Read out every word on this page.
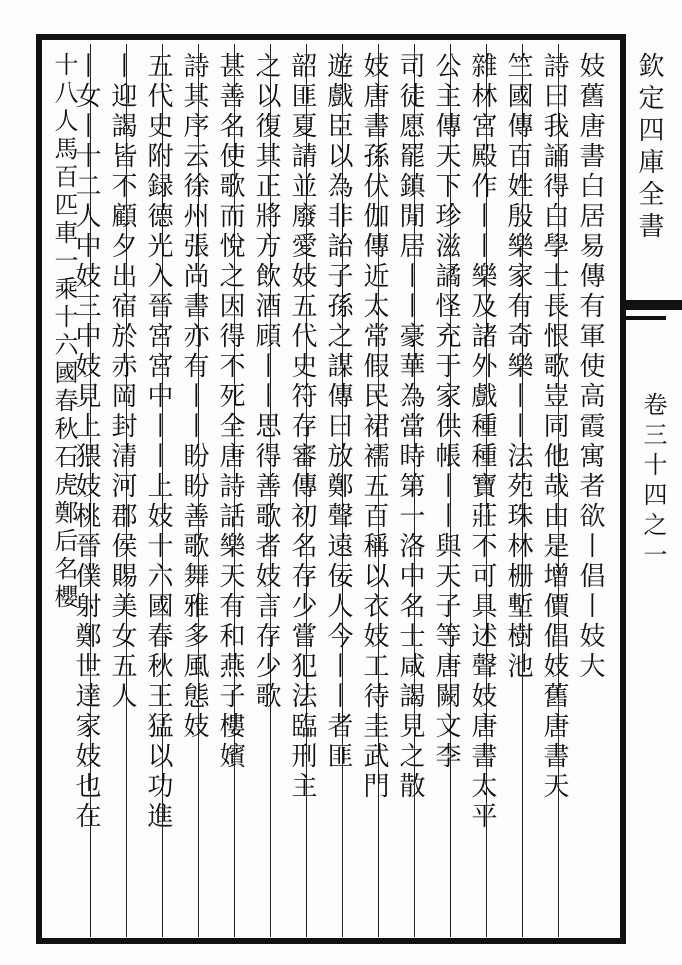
欽定四庫全書
卷三十四之一
妓舊唐書白居易傳有軍使高霞寓者欲丨倡丨妓大
詩曰我誦得白學士長恨歌豈同他哉由是增價倡妓舊唐書天
竺國傳百姓殷樂家有奇樂丨丨法苑珠林栅塹樹池
雜林宮殿作丨丨樂及諸外戲種種寶莊不可具述聲妓唐書太平
公主傳天下珍滋譎怪充于家供帳丨丨與天子等唐闕文李
司徒愿罷鎮閒居丨丨豪華為當時第一洛中名士咸謁見之散
妓唐書孫伏伽傳近太常假民裙襦五百稱以衣妓工待圭武門
遊戲臣以為非詒子孫之謀傳曰放鄭聲遠佞人今丨丨者匪
韶匪夏請並廢愛妓五代史符存審傳初名存少嘗犯法臨刑主
之以復其正將方飲酒頋丨丨思得善歌者妓言存少歌
甚善名使歌而悅之因得不死全唐詩話樂天有和燕子樓嬪
詩其序云徐州張尚書亦有丨丨盼盼善歌舞雅多風態妓
五代史附録德光入晉宮宮中丨丨上妓十六國春秋王猛以功進
丨迎謁皆不顧夕出宿於赤岡封清河郡侯賜美女五人
丨女丨十二人中妓三中妓見上猥妓桃晉僕射鄭世達家妓也在
十八人馬百匹車一乘十六國春秋石虎鄭后名櫻
